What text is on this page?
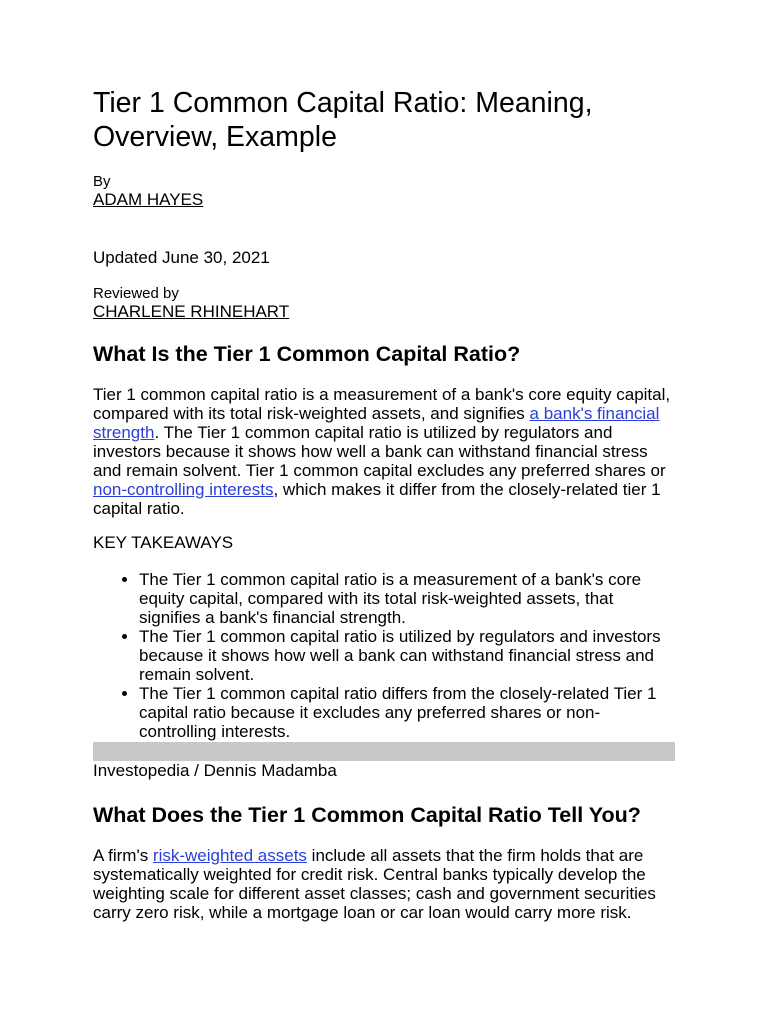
Tier 1 Common Capital Ratio: Meaning, Overview, Example
By
ADAM HAYES
Updated June 30, 2021
Reviewed by
CHARLENE RHINEHART
What Is the Tier 1 Common Capital Ratio?

Tier 1 common capital ratio is a measurement of a bank's core equity capital, compared with its total risk-weighted assets, and signifies a bank's financial strength. The Tier 1 common capital ratio is utilized by regulators and investors because it shows how well a bank can withstand financial stress and remain solvent. Tier 1 common capital excludes any preferred shares or non-controlling interests, which makes it differ from the closely-related tier 1 capital ratio.

KEY TAKEAWAYS
• The Tier 1 common capital ratio is a measurement of a bank's core equity capital, compared with its total risk-weighted assets, that signifies a bank's financial strength.
• The Tier 1 common capital ratio is utilized by regulators and investors because it shows how well a bank can withstand financial stress and remain solvent.
• The Tier 1 common capital ratio differs from the closely-related Tier 1 capital ratio because it excludes any preferred shares or non-controlling interests.
Investopedia / Dennis Madamba
What Does the Tier 1 Common Capital Ratio Tell You?

A firm's risk-weighted assets include all assets that the firm holds that are systematically weighted for credit risk. Central banks typically develop the weighting scale for different asset classes; cash and government securities carry zero risk, while a mortgage loan or car loan would carry more risk.
